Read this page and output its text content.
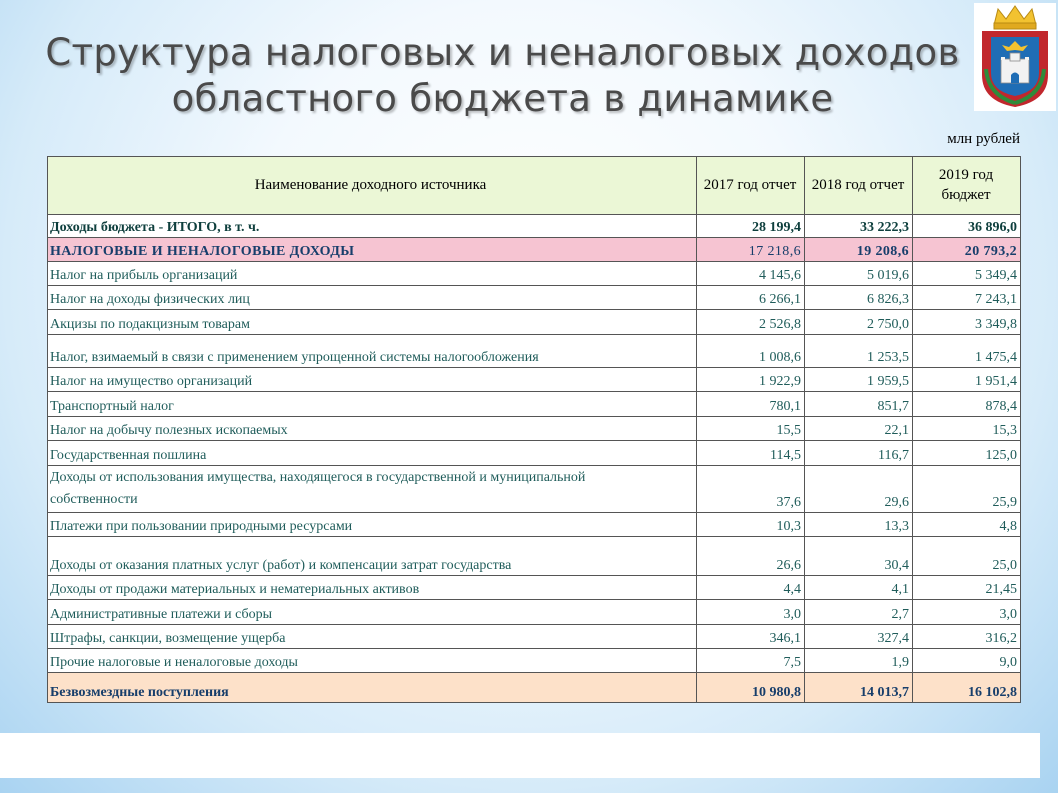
Структура налоговых и неналоговых доходов
областного бюджета в динамике
млн рублей
Наименование доходного источника	2017 год отчет	2018 год отчет	2019 год бюджет
Доходы бюджета - ИТОГО, в т. ч.	28 199,4	33 222,3	36 896,0
НАЛОГОВЫЕ И НЕНАЛОГОВЫЕ ДОХОДЫ	17 218,6	19 208,6	20 793,2
Налог на прибыль организаций	4 145,6	5 019,6	5 349,4
Налог на доходы физических лиц	6 266,1	6 826,3	7 243,1
Акцизы по подакцизным товарам	2 526,8	2 750,0	3 349,8
Налог, взимаемый в связи с применением упрощенной системы налогообложения	1 008,6	1 253,5	1 475,4
Налог на имущество организаций	1 922,9	1 959,5	1 951,4
Транспортный налог	780,1	851,7	878,4
Налог на добычу полезных ископаемых	15,5	22,1	15,3
Государственная пошлина	114,5	116,7	125,0
Доходы от использования имущества, находящегося в государственной и муниципальной собственности	37,6	29,6	25,9
Платежи при пользовании природными ресурсами	10,3	13,3	4,8
Доходы от оказания платных услуг (работ) и компенсации затрат государства	26,6	30,4	25,0
Доходы от продажи материальных и нематериальных активов	4,4	4,1	21,45
Административные платежи и сборы	3,0	2,7	3,0
Штрафы, санкции, возмещение ущерба	346,1	327,4	316,2
Прочие налоговые и неналоговые доходы	7,5	1,9	9,0
Безвозмездные поступления	10 980,8	14 013,7	16 102,8
